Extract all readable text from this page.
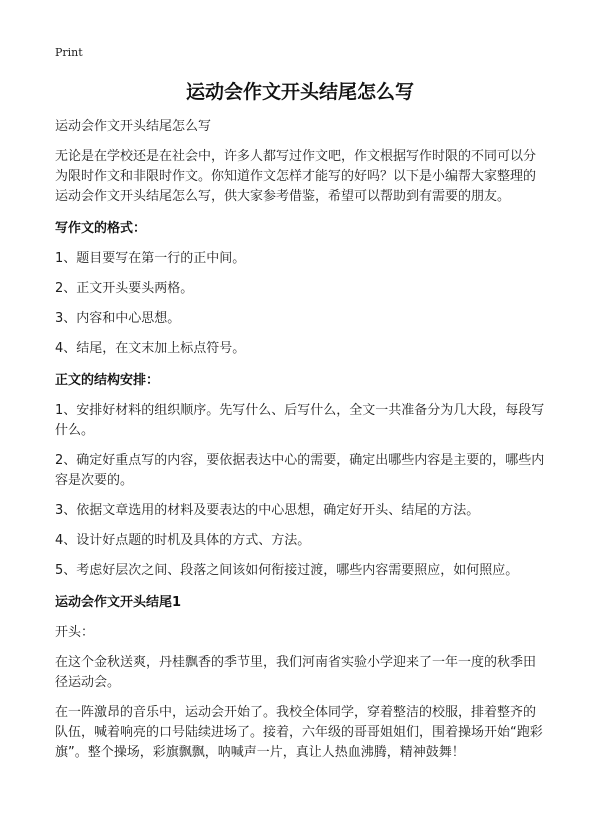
Print
运动会作文开头结尾怎么写

运动会作文开头结尾怎么写

无论是在学校还是在社会中，许多人都写过作文吧，作文根据写作时限的不同可以分为限时作文和非限时作文。你知道作文怎样才能写的好吗？以下是小编帮大家整理的运动会作文开头结尾怎么写，供大家参考借鉴，希望可以帮助到有需要的朋友。

写作文的格式：

1、题目要写在第一行的正中间。

2、正文开头要头两格。

3、内容和中心思想。

4、结尾，在文末加上标点符号。

正文的结构安排：

1、安排好材料的组织顺序。先写什么、后写什么，全文一共准备分为几大段，每段写什么。

2、确定好重点写的内容，要依据表达中心的需要，确定出哪些内容是主要的，哪些内容是次要的。

3、依据文章选用的材料及要表达的中心思想，确定好开头、结尾的方法。

4、设计好点题的时机及具体的方式、方法。

5、考虑好层次之间、段落之间该如何衔接过渡，哪些内容需要照应，如何照应。

运动会作文开头结尾1

开头：

在这个金秋送爽，丹桂飘香的季节里，我们河南省实验小学迎来了一年一度的秋季田径运动会。

在一阵激昂的音乐中，运动会开始了。我校全体同学，穿着整洁的校服，排着整齐的队伍，喊着响亮的口号陆续进场了。接着，六年级的哥哥姐姐们，围着操场开始“跑彩旗”。整个操场，彩旗飘飘，呐喊声一片，真让人热血沸腾，精神鼓舞！
